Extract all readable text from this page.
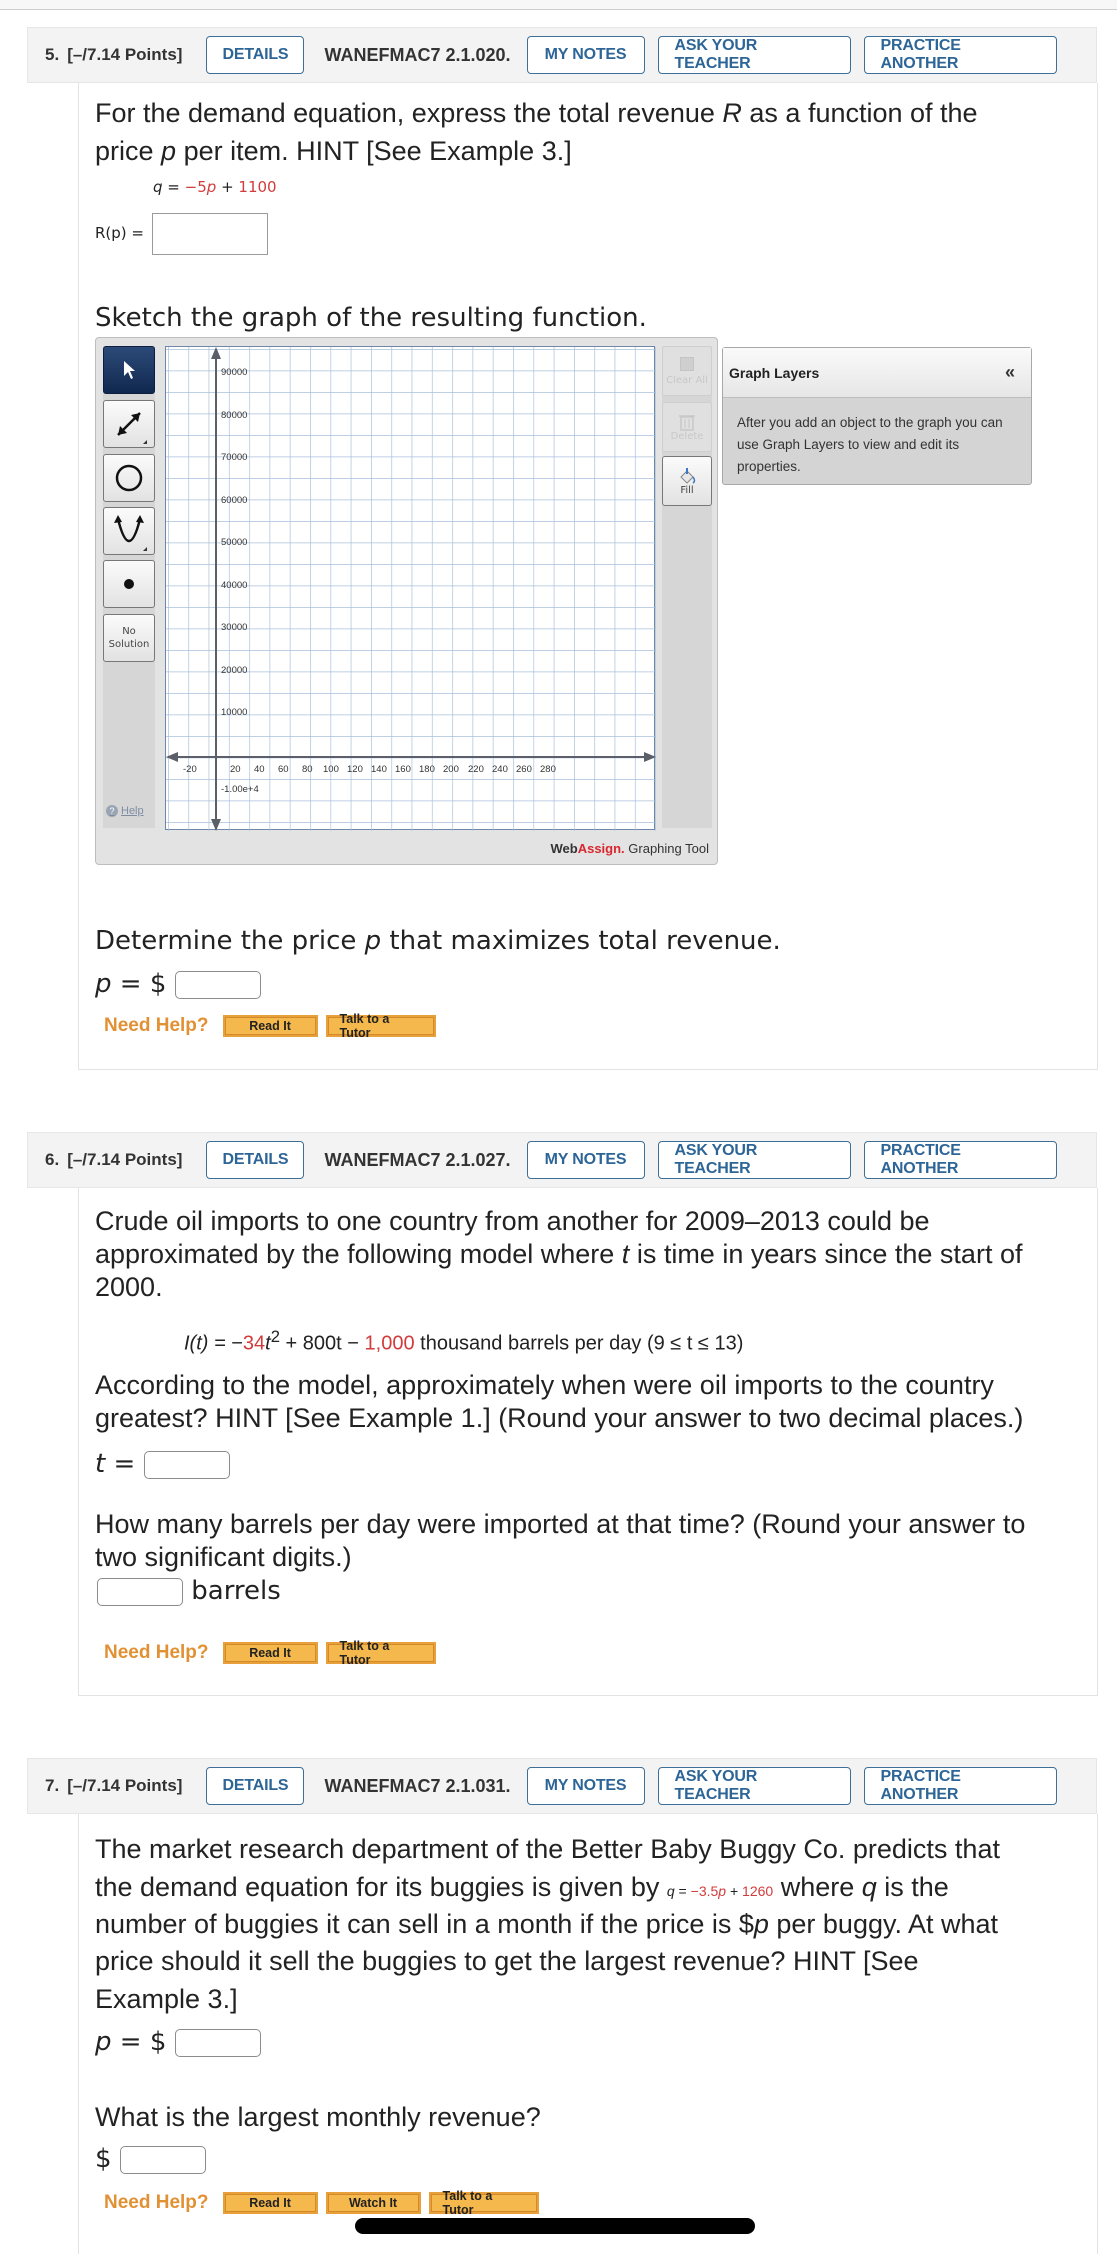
5. [–/7.14 Points]	DETAILS	WANEFMAC7 2.1.020.	MY NOTES
ASK YOUR TEACHER
PRACTICE ANOTHER
For the demand equation, express the total revenue R as a function of the
price p per item. HINT [See Example 3.]
q = −5p + 1100
R(p) =
Sketch the graph of the resulting function.
No
Solution
? Help
90000
80000
70000
60000
50000
40000
30000
20000
10000
-1.00e+4
-20	20 40 60 80 100 120 140 160 180 200 220 240 260 280
Clear All
Delete
Fill
WebAssign. Graphing Tool
Graph Layers	«
After you add an object to the graph you can use Graph Layers to view and edit its properties.
Determine the price p that maximizes total revenue.
p = $
Need Help?	Read It	Talk to a Tutor
6. [–/7.14 Points]	DETAILS	WANEFMAC7 2.1.027.	MY NOTES
ASK YOUR TEACHER
PRACTICE ANOTHER
Crude oil imports to one country from another for 2009–2013 could be
approximated by the following model where t is time in years since the start of
2000.
$I(t) = -34t^2 + 800t - 1,000$ thousand barrels per day (9 ≤ t ≤ 13)
According to the model, approximately when were oil imports to the country
greatest? HINT [See Example 1.] (Round your answer to two decimal places.)
t =
How many barrels per day were imported at that time? (Round your answer to
two significant digits.)
barrels
Need Help?	Read It	Talk to a Tutor
7. [–/7.14 Points]	DETAILS	WANEFMAC7 2.1.031.	MY NOTES
ASK YOUR TEACHER
PRACTICE ANOTHER
The market research department of the Better Baby Buggy Co. predicts that
the demand equation for its buggies is given by q = −3.5p + 1260 where q is the
number of buggies it can sell in a month if the price is $p per buggy. At what
price should it sell the buggies to get the largest revenue? HINT [See
Example 3.]
p = $
What is the largest monthly revenue?
$
Need Help?	Read It	Watch It	Talk to a Tutor
